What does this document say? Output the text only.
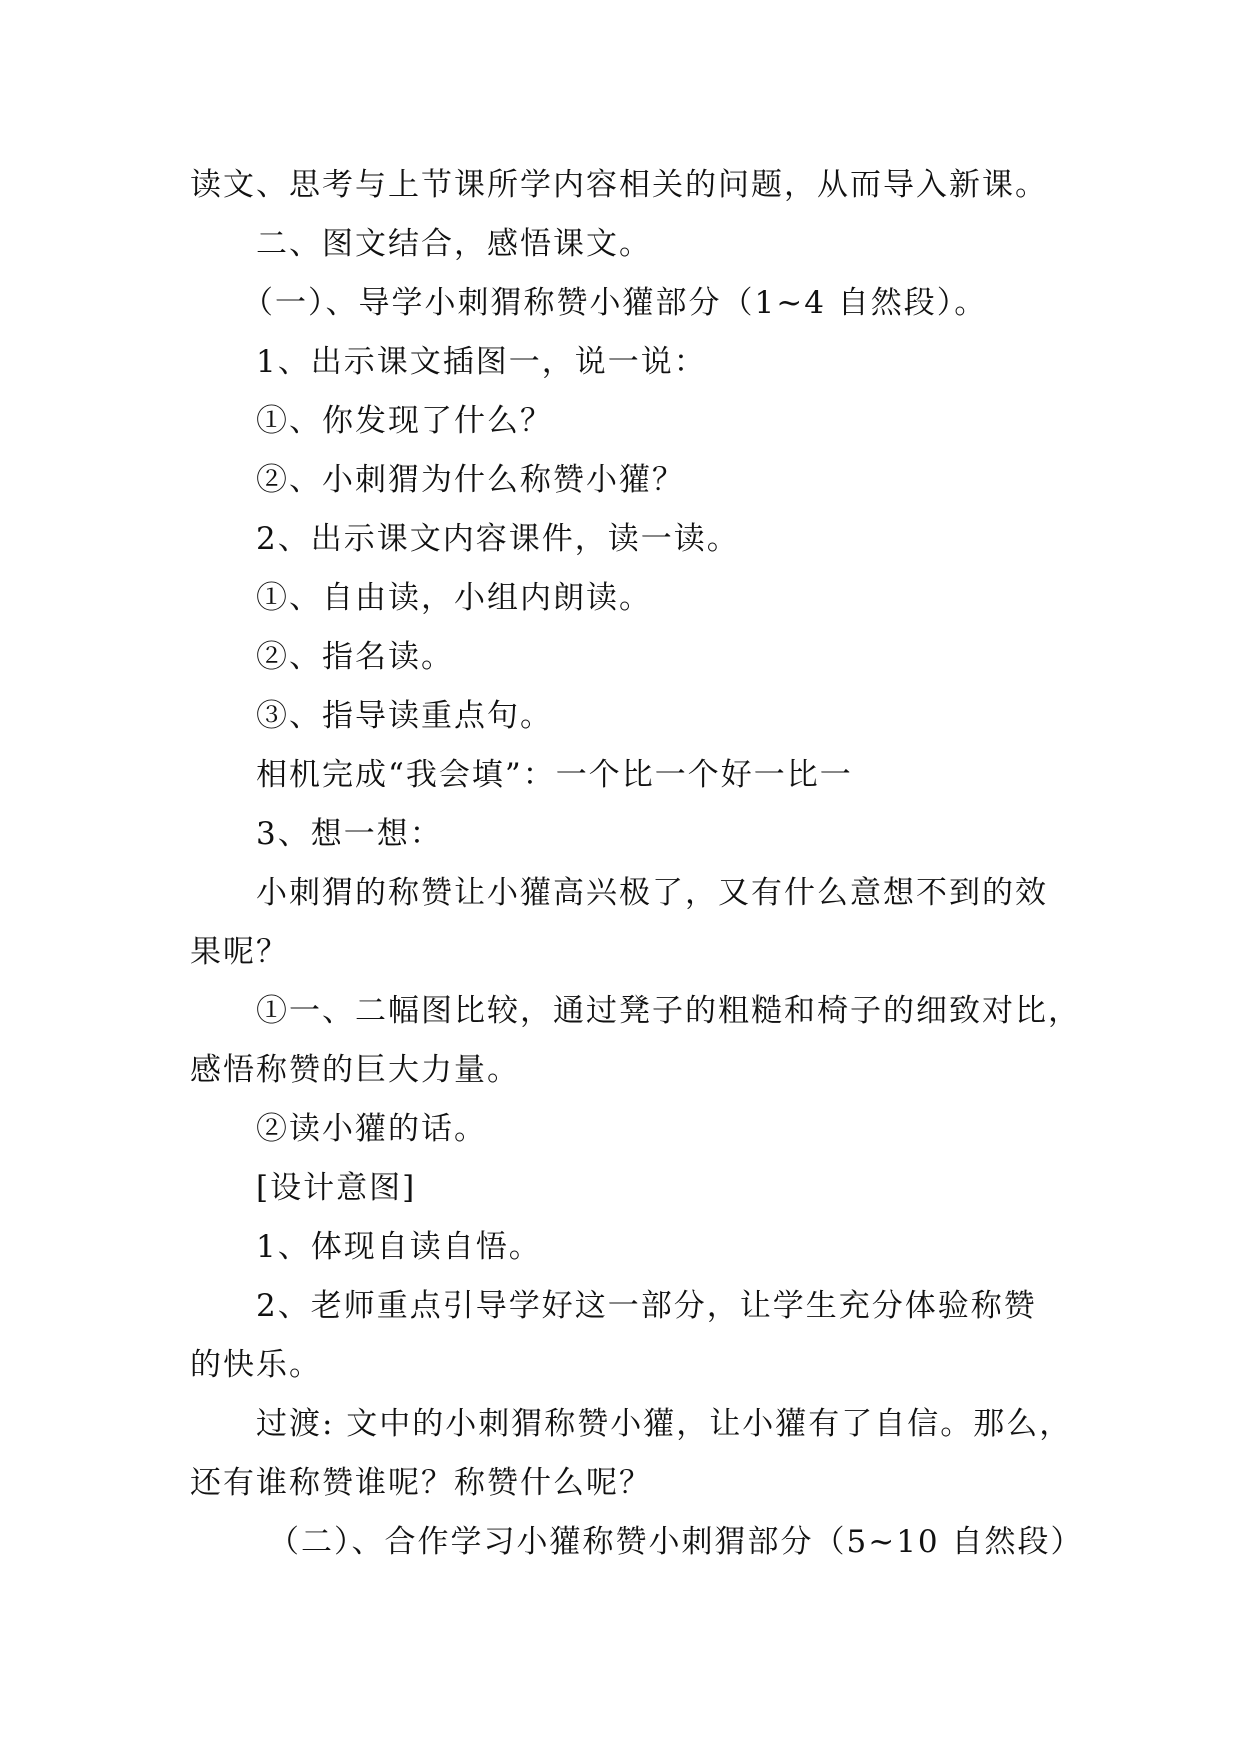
读文、思考与上节课所学内容相关的问题，从而导入新课。
二、图文结合，感悟课文。
（一）、导学小刺猬称赞小獾部分（1~4 自然段）。
1、出示课文插图一，说一说：
①、你发现了什么？
②、小刺猬为什么称赞小獾？
2、出示课文内容课件，读一读。
①、自由读，小组内朗读。
②、指名读。
③、指导读重点句。
相机完成“我会填”：一个比一个好一比一
3、想一想：
小刺猬的称赞让小獾高兴极了，又有什么意想不到的效
果呢？
①一、二幅图比较，通过凳子的粗糙和椅子的细致对比，
感悟称赞的巨大力量。
②读小獾的话。
[设计意图]
1、体现自读自悟。
2、老师重点引导学好这一部分，让学生充分体验称赞
的快乐。
过渡: 文中的小刺猬称赞小獾，让小獾有了自信。那么，
还有谁称赞谁呢？称赞什么呢？
（二）、合作学习小獾称赞小刺猬部分（5~10 自然段）
